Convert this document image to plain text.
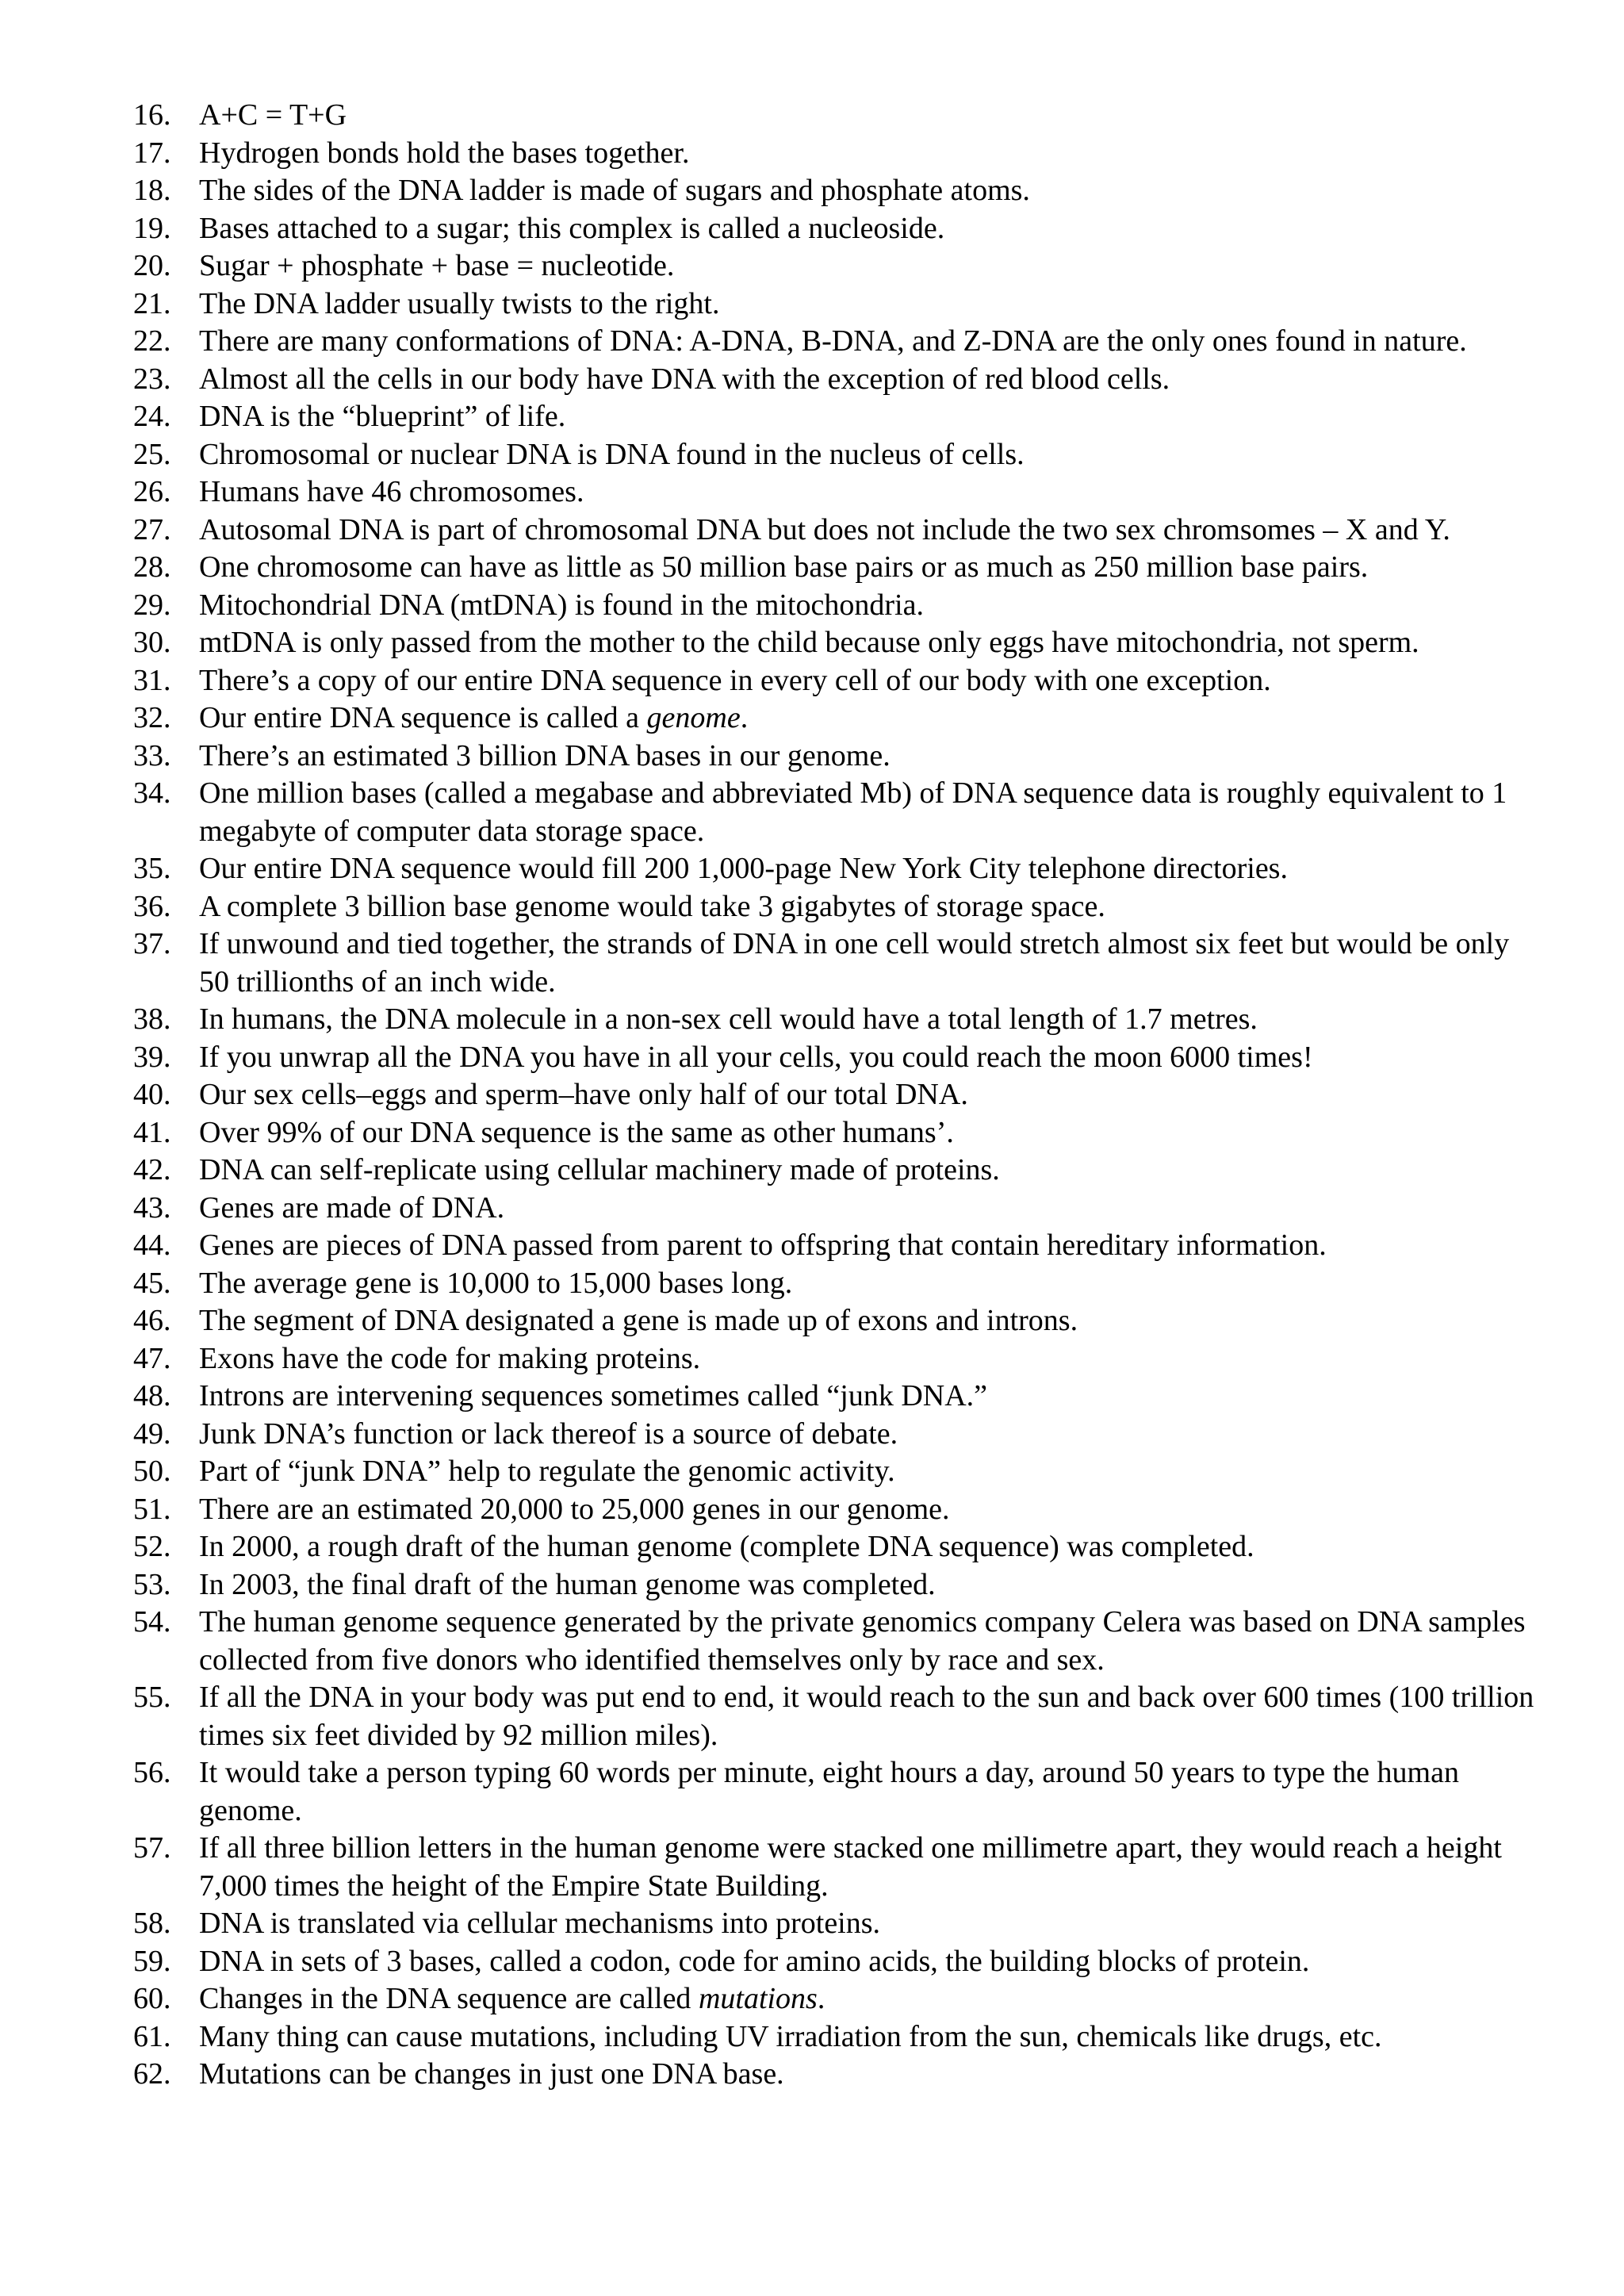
16. A+C = T+G
17. Hydrogen bonds hold the bases together.
18. The sides of the DNA ladder is made of sugars and phosphate atoms.
19. Bases attached to a sugar; this complex is called a nucleoside.
20. Sugar + phosphate + base = nucleotide.
21. The DNA ladder usually twists to the right.
22. There are many conformations of DNA: A-DNA, B-DNA, and Z-DNA are the only ones found in nature.
23. Almost all the cells in our body have DNA with the exception of red blood cells.
24. DNA is the “blueprint” of life.
25. Chromosomal or nuclear DNA is DNA found in the nucleus of cells.
26. Humans have 46 chromosomes.
27. Autosomal DNA is part of chromosomal DNA but does not include the two sex chromsomes – X and Y.
28. One chromosome can have as little as 50 million base pairs or as much as 250 million base pairs.
29. Mitochondrial DNA (mtDNA) is found in the mitochondria.
30. mtDNA is only passed from the mother to the child because only eggs have mitochondria, not sperm.
31. There’s a copy of our entire DNA sequence in every cell of our body with one exception.
32. Our entire DNA sequence is called a genome.
33. There’s an estimated 3 billion DNA bases in our genome.
34. One million bases (called a megabase and abbreviated Mb) of DNA sequence data is roughly equivalent to 1 megabyte of computer data storage space.
35. Our entire DNA sequence would fill 200 1,000-page New York City telephone directories.
36. A complete 3 billion base genome would take 3 gigabytes of storage space.
37. If unwound and tied together, the strands of DNA in one cell would stretch almost six feet but would be only 50 trillionths of an inch wide.
38. In humans, the DNA molecule in a non-sex cell would have a total length of 1.7 metres.
39. If you unwrap all the DNA you have in all your cells, you could reach the moon 6000 times!
40. Our sex cells–eggs and sperm–have only half of our total DNA.
41. Over 99% of our DNA sequence is the same as other humans’.
42. DNA can self-replicate using cellular machinery made of proteins.
43. Genes are made of DNA.
44. Genes are pieces of DNA passed from parent to offspring that contain hereditary information.
45. The average gene is 10,000 to 15,000 bases long.
46. The segment of DNA designated a gene is made up of exons and introns.
47. Exons have the code for making proteins.
48. Introns are intervening sequences sometimes called “junk DNA.”
49. Junk DNA’s function or lack thereof is a source of debate.
50. Part of “junk DNA” help to regulate the genomic activity.
51. There are an estimated 20,000 to 25,000 genes in our genome.
52. In 2000, a rough draft of the human genome (complete DNA sequence) was completed.
53. In 2003, the final draft of the human genome was completed.
54. The human genome sequence generated by the private genomics company Celera was based on DNA samples collected from five donors who identified themselves only by race and sex.
55. If all the DNA in your body was put end to end, it would reach to the sun and back over 600 times (100 trillion times six feet divided by 92 million miles).
56. It would take a person typing 60 words per minute, eight hours a day, around 50 years to type the human genome.
57. If all three billion letters in the human genome were stacked one millimetre apart, they would reach a height 7,000 times the height of the Empire State Building.
58. DNA is translated via cellular mechanisms into proteins.
59. DNA in sets of 3 bases, called a codon, code for amino acids, the building blocks of protein.
60. Changes in the DNA sequence are called mutations.
61. Many thing can cause mutations, including UV irradiation from the sun, chemicals like drugs, etc.
62. Mutations can be changes in just one DNA base.
